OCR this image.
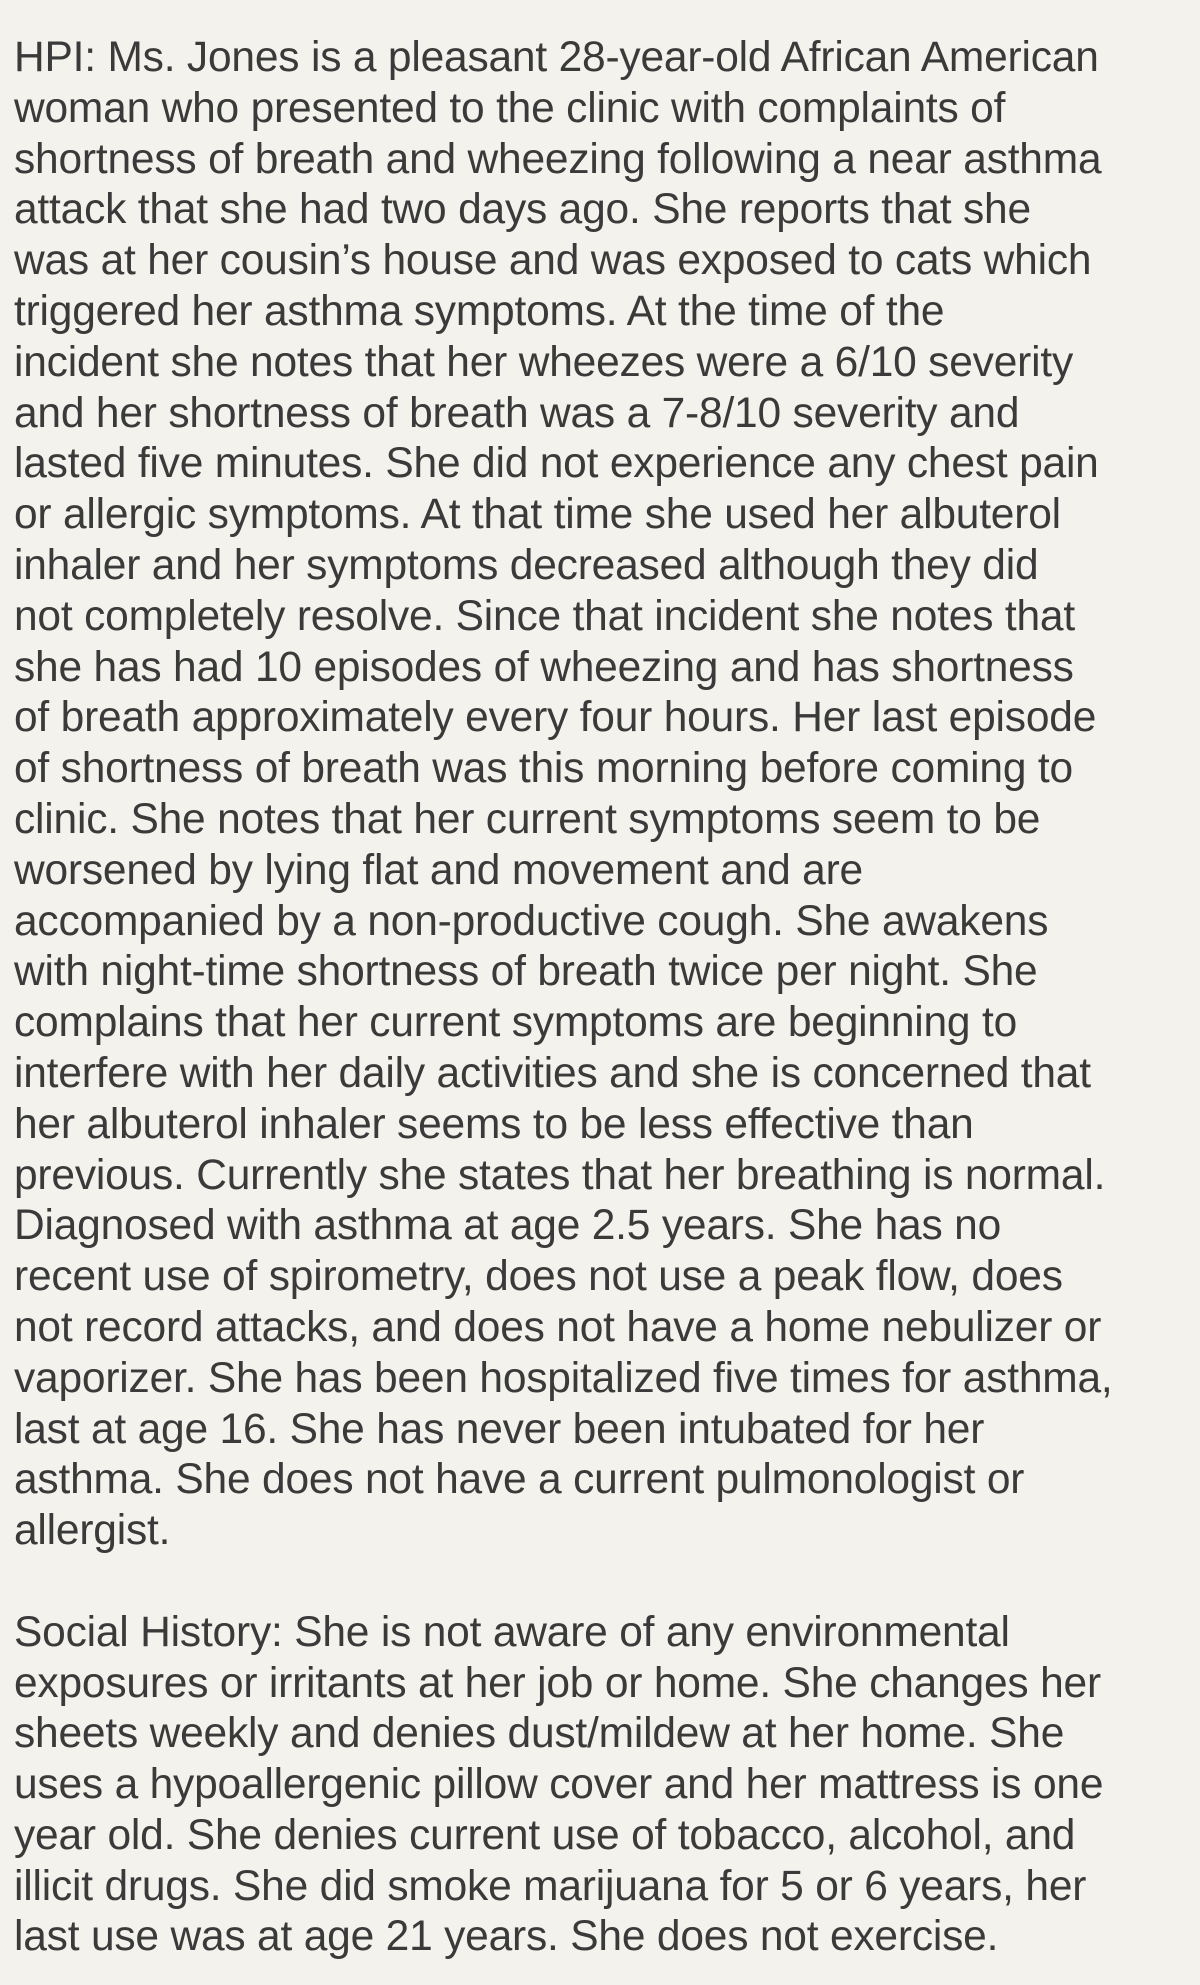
HPI: Ms. Jones is a pleasant 28-year-old African American
woman who presented to the clinic with complaints of
shortness of breath and wheezing following a near asthma
attack that she had two days ago. She reports that she
was at her cousin’s house and was exposed to cats which
triggered her asthma symptoms. At the time of the
incident she notes that her wheezes were a 6/10 severity
and her shortness of breath was a 7-8/10 severity and
lasted five minutes. She did not experience any chest pain
or allergic symptoms. At that time she used her albuterol
inhaler and her symptoms decreased although they did
not completely resolve. Since that incident she notes that
she has had 10 episodes of wheezing and has shortness
of breath approximately every four hours. Her last episode
of shortness of breath was this morning before coming to
clinic. She notes that her current symptoms seem to be
worsened by lying flat and movement and are
accompanied by a non-productive cough. She awakens
with night-time shortness of breath twice per night. She
complains that her current symptoms are beginning to
interfere with her daily activities and she is concerned that
her albuterol inhaler seems to be less effective than
previous. Currently she states that her breathing is normal.
Diagnosed with asthma at age 2.5 years. She has no
recent use of spirometry, does not use a peak flow, does
not record attacks, and does not have a home nebulizer or
vaporizer. She has been hospitalized five times for asthma,
last at age 16. She has never been intubated for her
asthma. She does not have a current pulmonologist or
allergist.
Social History: She is not aware of any environmental
exposures or irritants at her job or home. She changes her
sheets weekly and denies dust/mildew at her home. She
uses a hypoallergenic pillow cover and her mattress is one
year old. She denies current use of tobacco, alcohol, and
illicit drugs. She did smoke marijuana for 5 or 6 years, her
last use was at age 21 years. She does not exercise.
